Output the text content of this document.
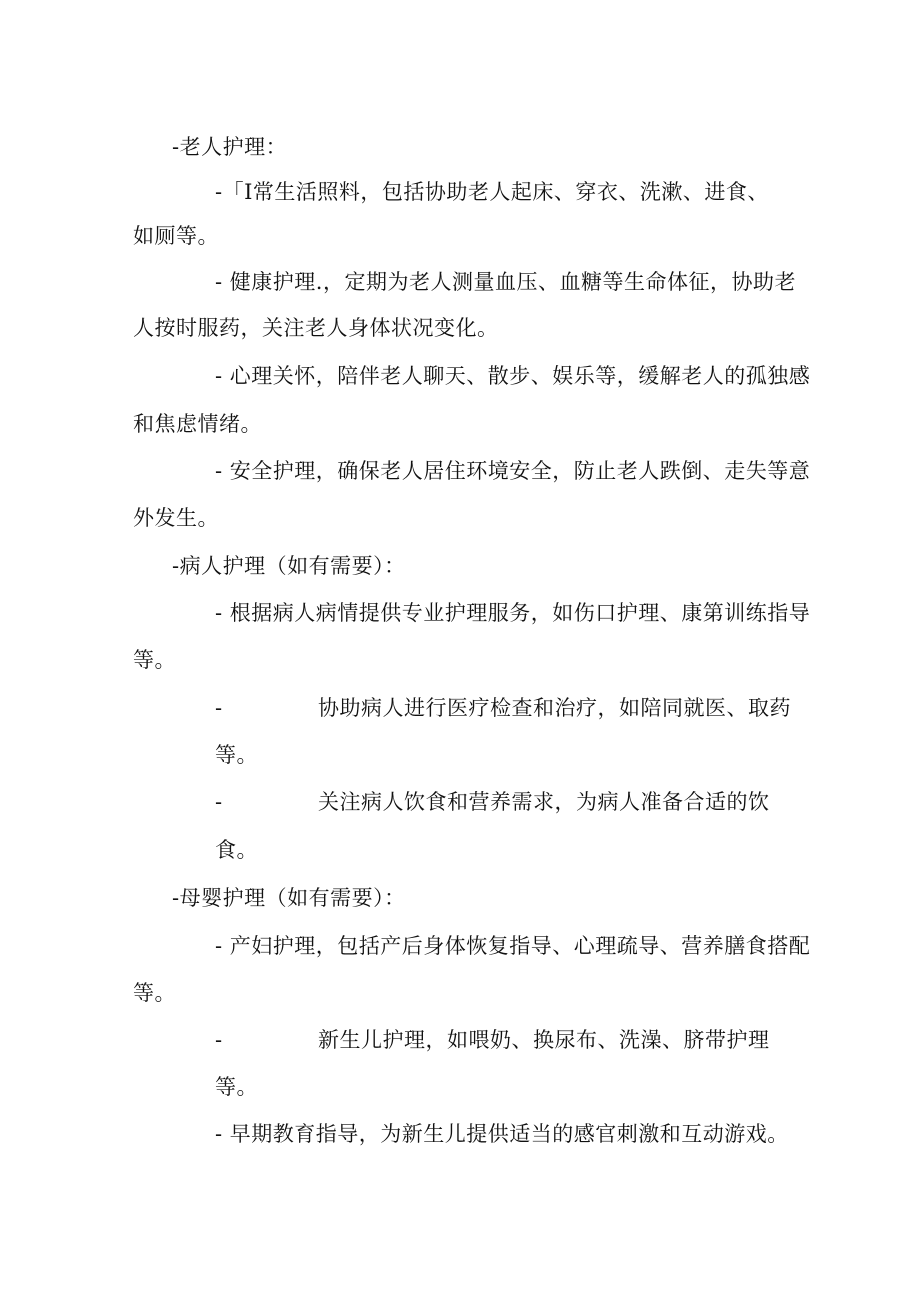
-老人护理：

-「I常生活照料，包括协助老人起床、穿衣、洗漱、进食、

如厕等。

- 健康护理.，定期为老人测量血压、血糖等生命体征，协助老

人按时服药，关注老人身体状况变化。

- 心理关怀，陪伴老人聊天、散步、娱乐等，缓解老人的孤独感

和焦虑情绪。

- 安全护理，确保老人居住环境安全，防止老人跌倒、走失等意

外发生。

-病人护理（如有需要）：

- 根据病人病情提供专业护理服务，如伤口护理、康第训练指导

等。

-	协助病人进行医疗检查和治疗，如陪同就医、取药

等。

-	关注病人饮食和营养需求，为病人准备合适的饮

食。

-母婴护理（如有需要）：

- 产妇护理，包括产后身体恢复指导、心理疏导、营养膳食搭配

等。

-	新生儿护理，如喂奶、换尿布、洗澡、脐带护理

等。

- 早期教育指导，为新生儿提供适当的感官刺激和互动游戏。
